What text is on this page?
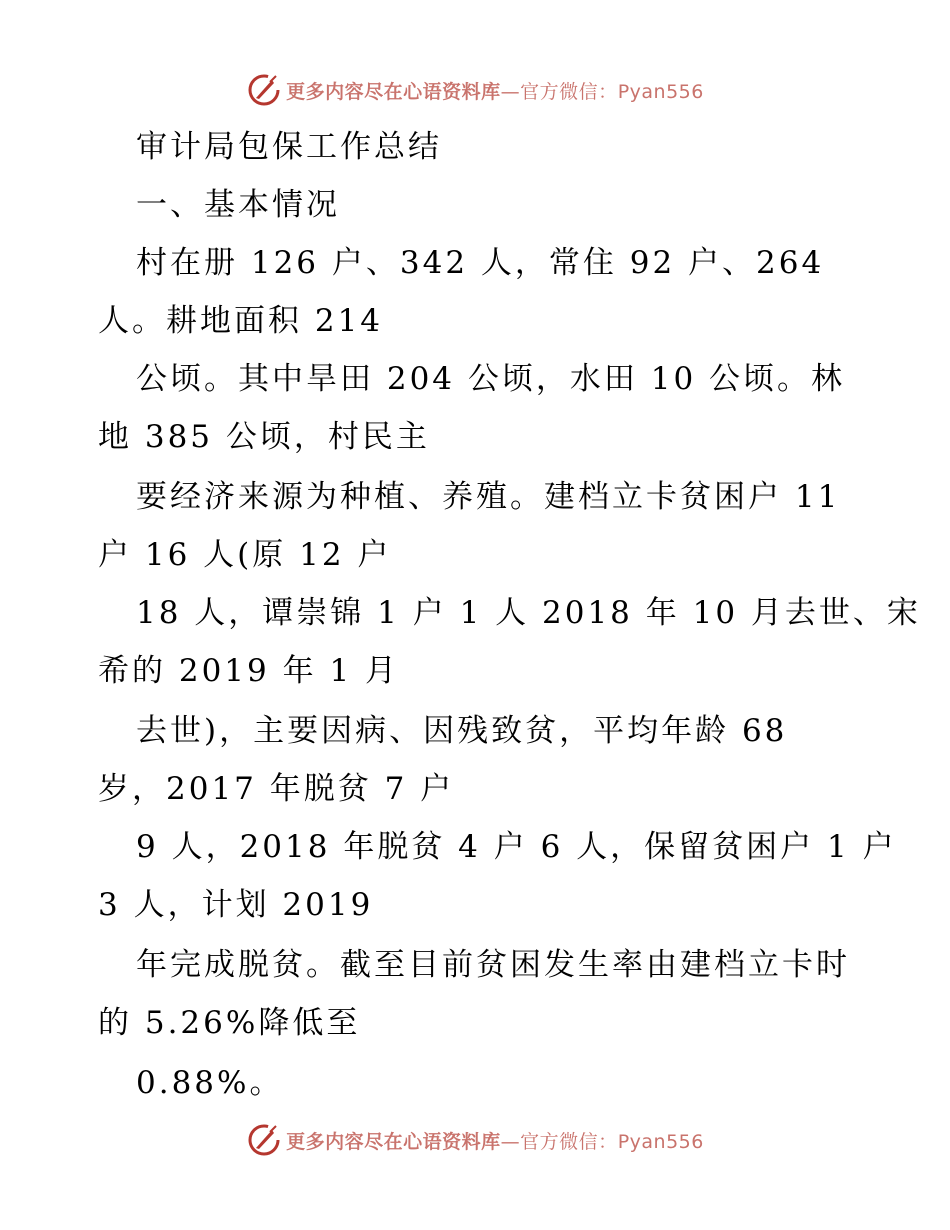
更多内容尽在心语资料库—官方微信：Pyan556
审计局包保工作总结
一、基本情况
村在册 126 户、342 人，常住 92 户、264
人。耕地面积 214
公顷。其中旱田 204 公顷，水田 10 公顷。林
地 385 公顷，村民主
要经济来源为种植、养殖。建档立卡贫困户 11
户 16 人(原 12 户
18 人，谭崇锦 1 户 1 人 2018 年 10 月去世、宋
希的 2019 年 1 月
去世)，主要因病、因残致贫，平均年龄 68
岁，2017 年脱贫 7 户
9 人，2018 年脱贫 4 户 6 人，保留贫困户 1 户
3 人，计划 2019
年完成脱贫。截至目前贫困发生率由建档立卡时
的 5.26%降低至
0.88%。
更多内容尽在心语资料库—官方微信：Pyan556
